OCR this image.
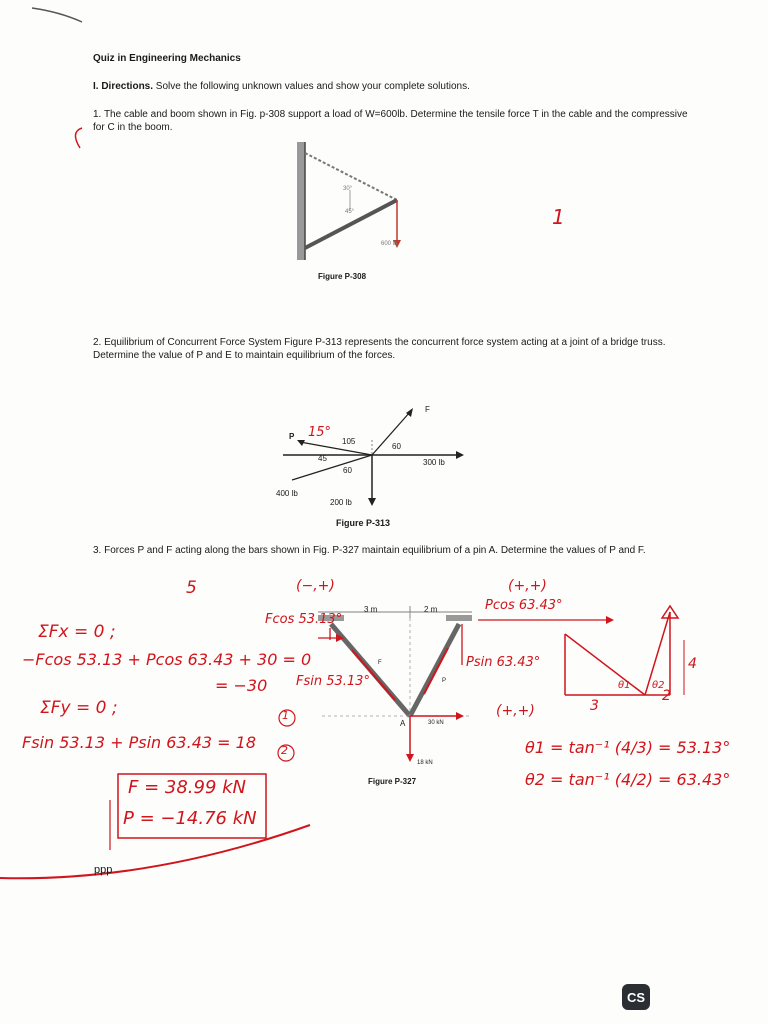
Quiz in Engineering Mechanics
I. Directions. Solve the following unknown values and show your complete solutions.
1. The cable and boom shown in Fig. p-308 support a load of W=600lb. Determine the tensile force T in the cable and the compressive for C in the boom.
30°
45°
600 lb
Figure P-308
1
2. Equilibrium of Concurrent Force System Figure P-313 represents the concurrent force system acting at a joint of a bridge truss. Determine the value of P and E to maintain equilibrium of the forces.
P 15°
105
45
60
60
F
300 lb
400 lb
200 lb
Figure P-313
3. Forces P and F acting along the bars shown in Fig. P-327 maintain equilibrium of a pin A. Determine the values of P and F.
5
3 m	2 m
A	30 kN
18 kN
P
F
Figure P-327
(−,+)	(+,+)
(+,+)
Fcos 53.13°
Pcos 63.43°
Fsin 53.13°
Psin 63.43°
ΣFx = 0 ;
−Fcos 53.13 + Pcos 63.43 + 30 = 0
= −30
1
ΣFy = 0 ;
Fsin 53.13 + Psin 63.43 = 18 2
F = 38.99 kN
P = −14.76 kN
3
2
4
θ1 θ2
θ1 = tan⁻¹ (4/3) = 53.13°
θ2 = tan⁻¹ (4/2) = 63.43°
ppp
CS
